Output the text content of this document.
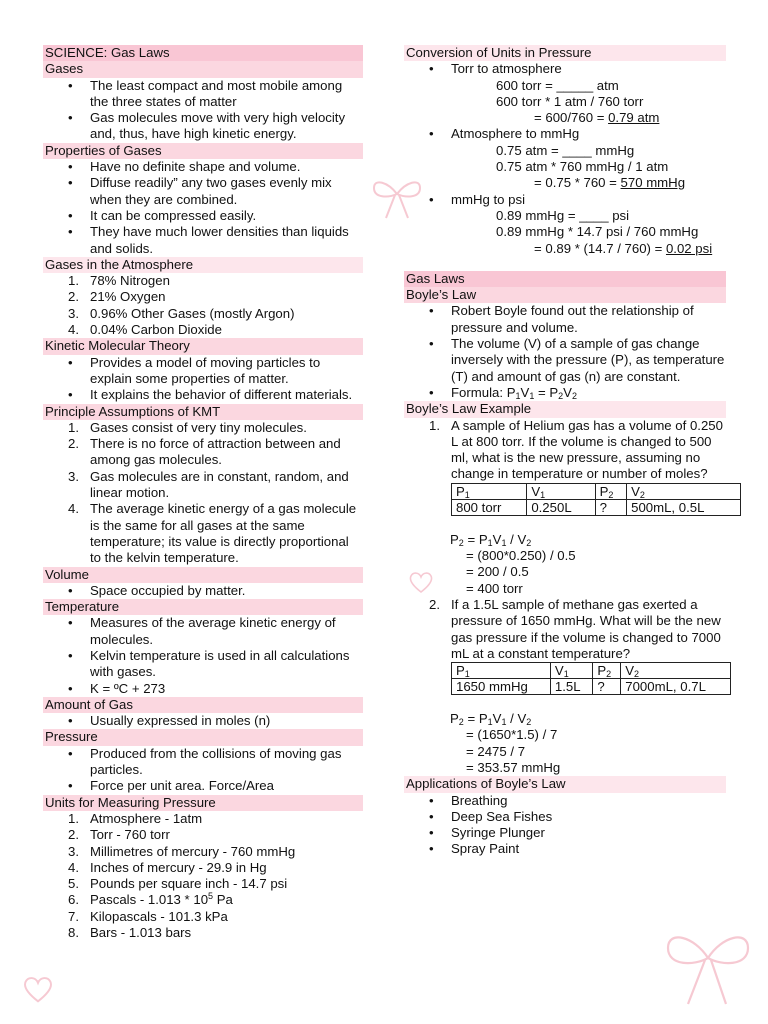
SCIENCE: Gas Laws
Gases
• The least compact and most mobile among the three states of matter
• Gas molecules move with very high velocity and, thus, have high kinetic energy.
Properties of Gases
• Have no definite shape and volume.
• Diffuse readily” any two gases evenly mix when they are combined.
• It can be compressed easily.
• They have much lower densities than liquids and solids.
Gases in the Atmosphere
1. 78% Nitrogen
2. 21% Oxygen
3. 0.96% Other Gases (mostly Argon)
4. 0.04% Carbon Dioxide
Kinetic Molecular Theory
• Provides a model of moving particles to explain some properties of matter.
• It explains the behavior of different materials.
Principle Assumptions of KMT
1. Gases consist of very tiny molecules.
2. There is no force of attraction between and among gas molecules.
3. Gas molecules are in constant, random, and linear motion.
4. The average kinetic energy of a gas molecule is the same for all gases at the same temperature; its value is directly proportional to the kelvin temperature.
Volume
• Space occupied by matter.
Temperature
• Measures of the average kinetic energy of molecules.
• Kelvin temperature is used in all calculations with gases.
• K = ºC + 273
Amount of Gas
• Usually expressed in moles (n)
Pressure
• Produced from the collisions of moving gas particles.
• Force per unit area. Force/Area
Units for Measuring Pressure
1. Atmosphere - 1atm
2. Torr - 760 torr
3. Millimetres of mercury - 760 mmHg
4. Inches of mercury - 29.9 in Hg
5. Pounds per square inch - 14.7 psi
6. Pascals - $1.013 * 10^5$ Pa
7. Kilopascals - 101.3 kPa
8. Bars - 1.013 bars
Conversion of Units in Pressure
• Torr to atmosphere
600 torr = _____ atm
600 torr * 1 atm / 760 torr
= 600/760 = 0.79 atm
• Atmosphere to mmHg
0.75 atm = ____ mmHg
0.75 atm * 760 mmHg / 1 atm
= 0.75 * 760 = 570 mmHg
• mmHg to psi
0.89 mmHg = ____ psi
0.89 mmHg * 14.7 psi / 760 mmHg
= 0.89 * (14.7 / 760) = 0.02 psi
Gas Laws
Boyle’s Law
• Robert Boyle found out the relationship of pressure and volume.
• The volume (V) of a sample of gas change inversely with the pressure (P), as temperature (T) and amount of gas (n) are constant.
• Formula: $P_1V_1 = P_2V_2$
Boyle’s Law Example
1. A sample of Helium gas has a volume of 0.250 L at 800 torr. If the volume is changed to 500 ml, what is the new pressure, assuming no change in temperature or number of moles?
$P_1$	$V_1$	$P_2$	$V_2$
800 torr	0.250L	?	500mL, 0.5L
$P_2 = P_1V_1 / V_2$
= (800*0.250) / 0.5
= 200 / 0.5
= 400 torr
2. If a 1.5L sample of methane gas exerted a pressure of 1650 mmHg. What will be the new gas pressure if the volume is changed to 7000 mL at a constant temperature?
$P_1$	$V_1$	$P_2$	$V_2$
1650 mmHg	1.5L	?	7000mL, 0.7L
$P_2 = P_1V_1 / V_2$
= (1650*1.5) / 7
= 2475 / 7
= 353.57 mmHg
Applications of Boyle’s Law
• Breathing
• Deep Sea Fishes
• Syringe Plunger
• Spray Paint
